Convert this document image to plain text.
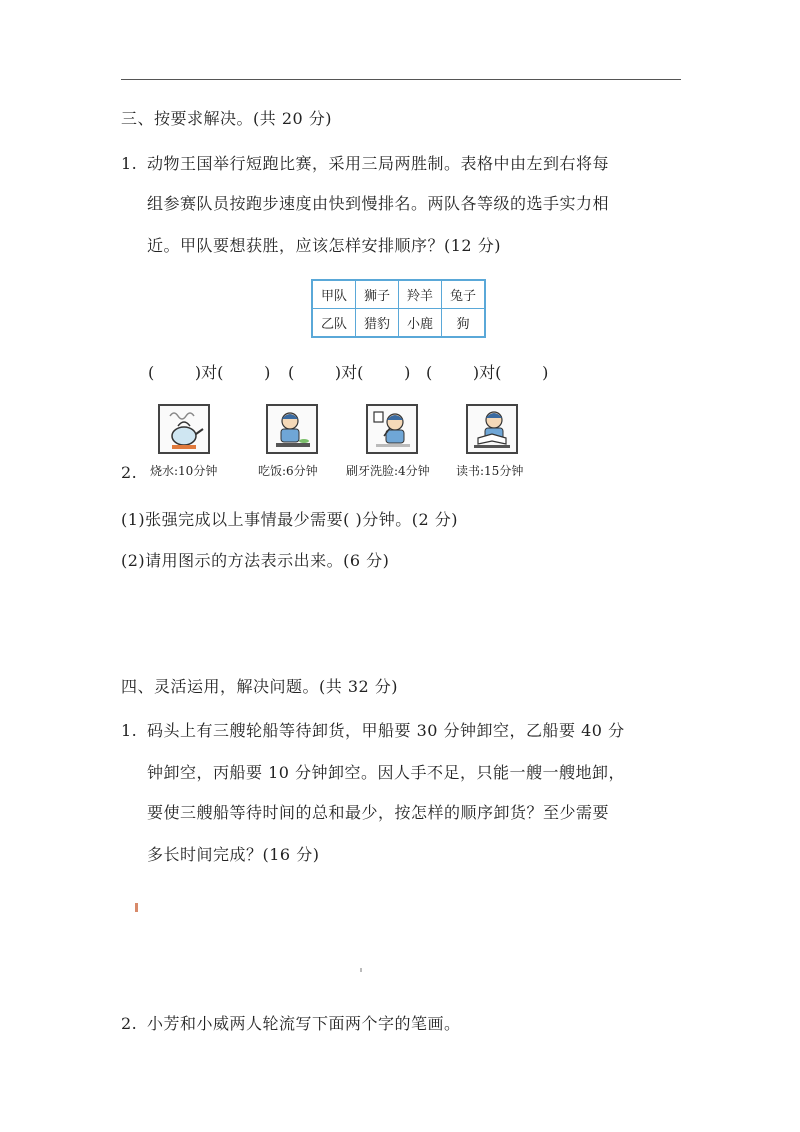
三、按要求解决。(共 20 分)
1. 动物王国举行短跑比赛，采用三局两胜制。表格中由左到右将每
组参赛队员按跑步速度由快到慢排名。两队各等级的选手实力相
近。甲队要想获胜，应该怎样安排顺序？(12 分)
甲队	狮子	羚羊	兔子
乙队	猎豹	小鹿	狗
(        )对(        ) (        )对(        ) (        )对(        )
2. 烧水:10分钟	吃饭:6分钟 刷牙洗脸:4分钟 读书:15分钟
(1)张强完成以上事情最少需要( )分钟。(2 分)
(2)请用图示的方法表示出来。(6 分)
四、灵活运用，解决问题。(共 32 分)
1. 码头上有三艘轮船等待卸货，甲船要 30 分钟卸空，乙船要 40 分
钟卸空，丙船要 10 分钟卸空。因人手不足，只能一艘一艘地卸，
要使三艘船等待时间的总和最少，按怎样的顺序卸货？至少需要
多长时间完成？(16 分)
2. 小芳和小威两人轮流写下面两个字的笔画。
